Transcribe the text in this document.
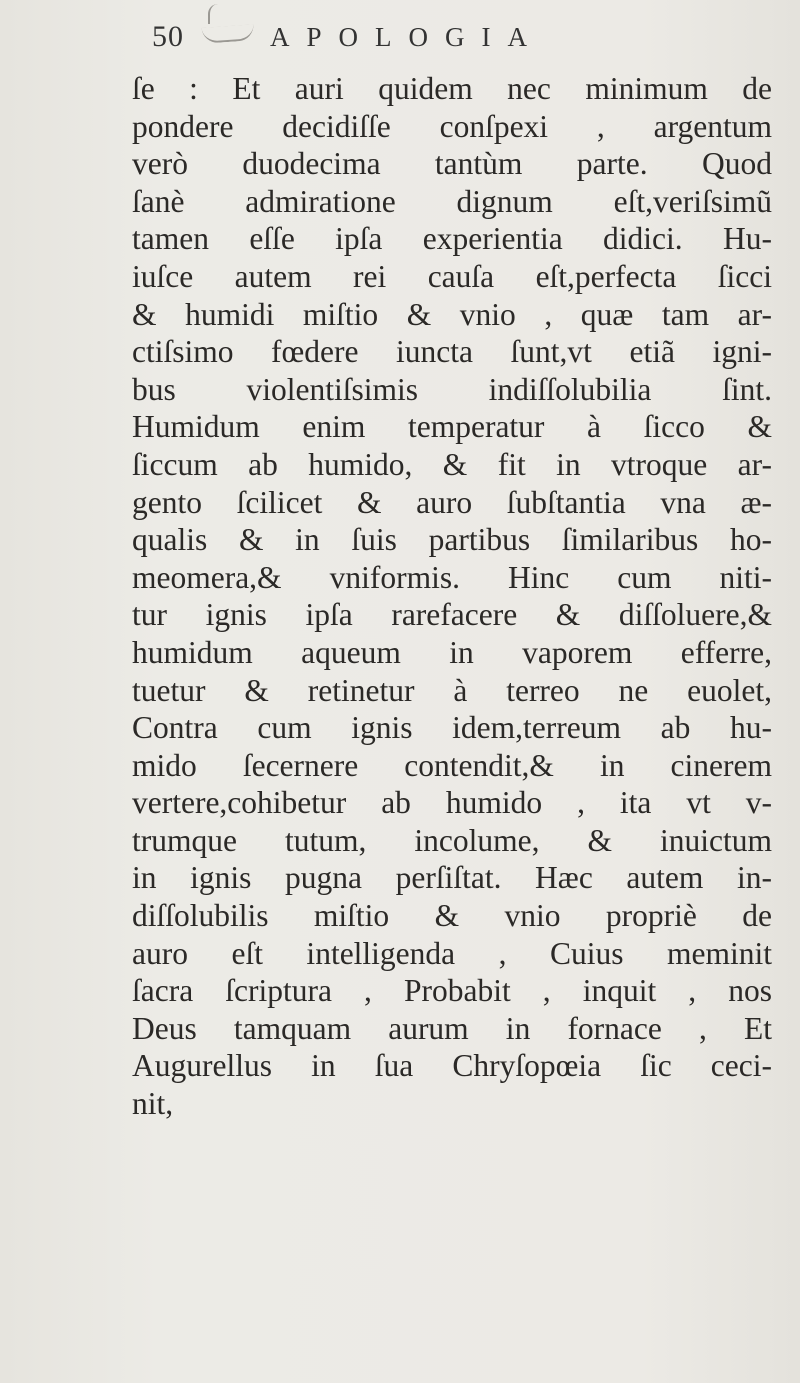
50	APOLOGIA
ſe : Et auri quidem nec minimum de
pondere decidiſſe conſpexi , argentum
verò duodecima tantùm parte. Quod
ſanè admiratione dignum eſt,veriſsimũ
tamen eſſe ipſa experientia didici. Hu-
iuſce autem rei cauſa eſt,perfecta ſicci
& humidi miſtio & vnio , quæ tam ar-
ctiſsimo fœdere iuncta ſunt,vt etiã igni-
bus violentiſsimis indiſſolubilia ſint.
Humidum enim temperatur à ſicco &
ſiccum ab humido, & fit in vtroque ar-
gento ſcilicet & auro ſubſtantia vna æ-
qualis & in ſuis partibus ſimilaribus ho-
meomera,& vniformis. Hinc cum niti-
tur ignis ipſa rarefacere & diſſoluere,&
humidum aqueum in vaporem efferre,
tuetur & retinetur à terreo ne euolet,
Contra cum ignis idem,terreum ab hu-
mido ſecernere contendit,& in cinerem
vertere,cohibetur ab humido , ita vt v-
trumque tutum, incolume, & inuictum
in ignis pugna perſiſtat. Hæc autem in-
diſſolubilis miſtio & vnio propriè de
auro eſt intelligenda , Cuius meminit
ſacra ſcriptura , Probabit , inquit , nos
Deus tamquam aurum in fornace , Et
Augurellus in ſua Chryſopœia ſic ceci-
nit,
